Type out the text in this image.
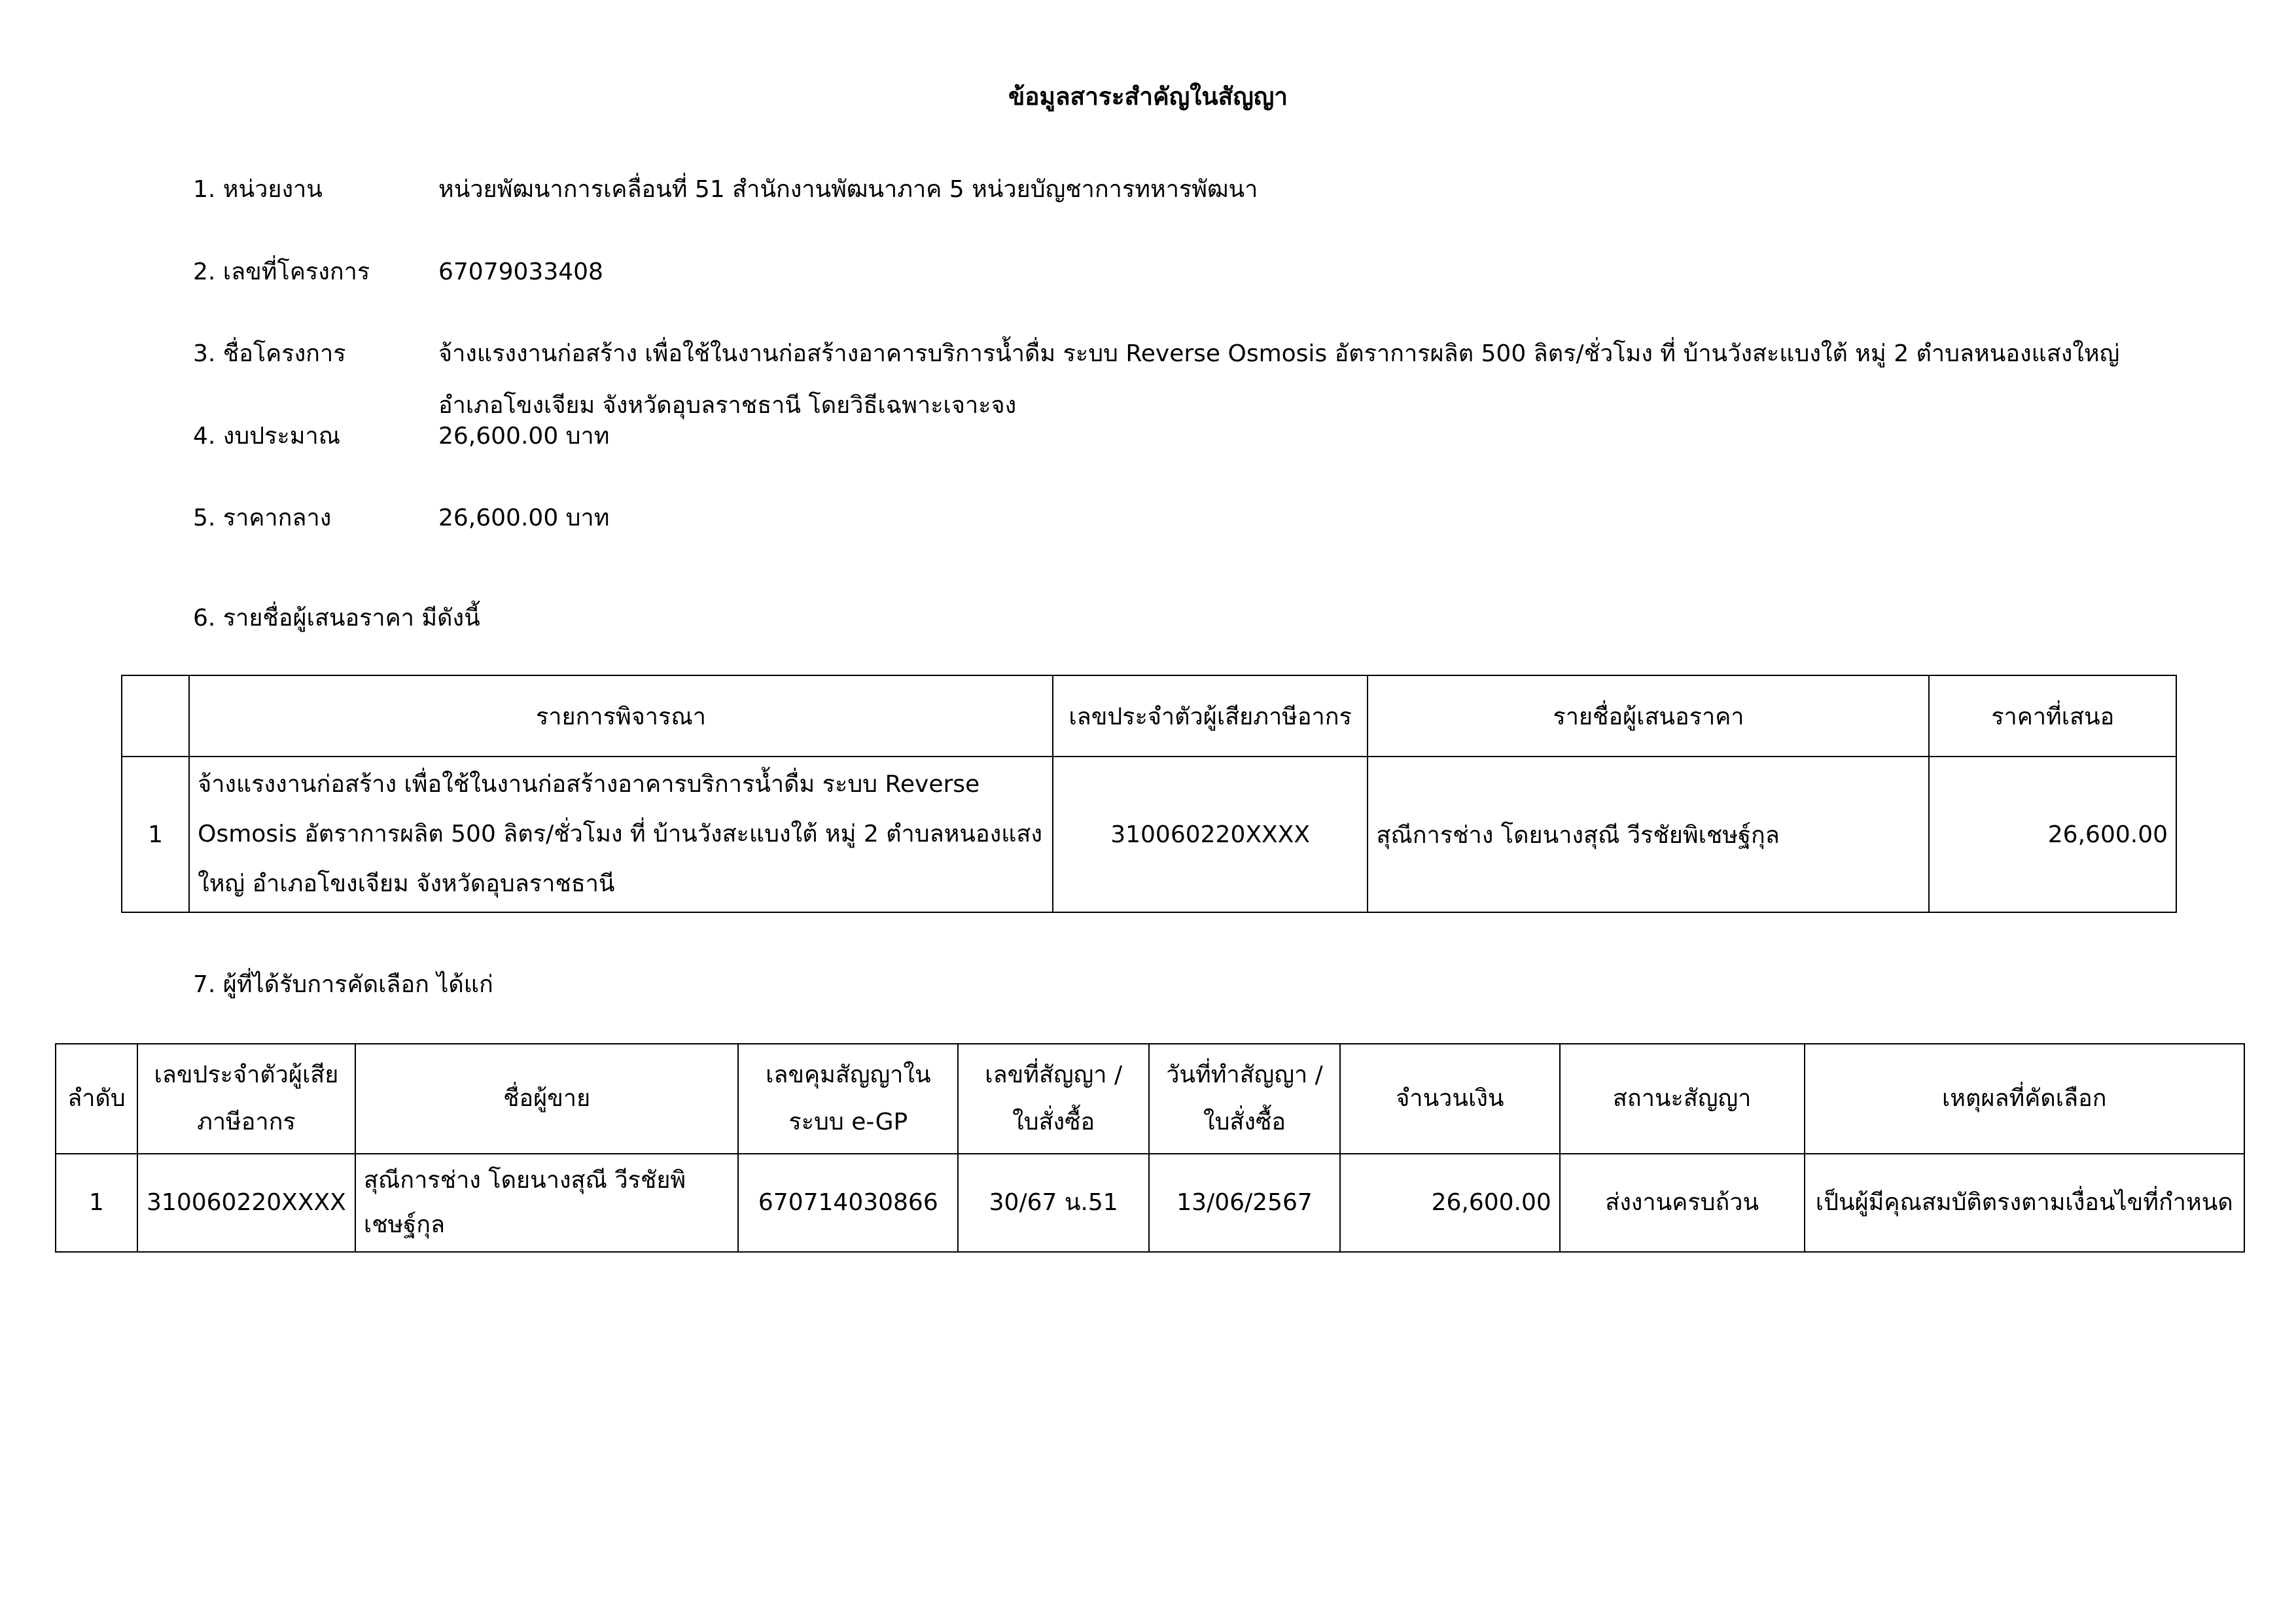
ข้อมูลสาระสำคัญในสัญญา
1. หน่วยงาน	หน่วยพัฒนาการเคลื่อนที่ 51 สำนักงานพัฒนาภาค 5 หน่วยบัญชาการทหารพัฒนา
2. เลขที่โครงการ	67079033408
3. ชื่อโครงการ	จ้างแรงงานก่อสร้าง เพื่อใช้ในงานก่อสร้างอาคารบริการน้ำดื่ม ระบบ Reverse Osmosis อัตราการผลิต 500 ลิตร/ชั่วโมง ที่ บ้านวังสะแบงใต้ หมู่ 2 ตำบลหนองแสงใหญ่
อำเภอโขงเจียม จังหวัดอุบลราชธานี โดยวิธีเฉพาะเจาะจง
4. งบประมาณ	26,600.00 บาท
5. ราคากลาง	26,600.00 บาท
6. รายชื่อผู้เสนอราคา มีดังนี้
	รายการพิจารณา	เลขประจำตัวผู้เสียภาษีอากร	รายชื่อผู้เสนอราคา	ราคาที่เสนอ
1	จ้างแรงงานก่อสร้าง เพื่อใช้ในงานก่อสร้างอาคารบริการน้ำดื่ม ระบบ Reverse Osmosis อัตราการผลิต 500 ลิตร/ชั่วโมง ที่ บ้านวังสะแบงใต้ หมู่ 2 ตำบลหนองแสงใหญ่ อำเภอโขงเจียม จังหวัดอุบลราชธานี	310060220XXXX	สุณีการช่าง โดยนางสุณี วีรชัยพิเชษฐ์กุล	26,600.00
7. ผู้ที่ได้รับการคัดเลือก ได้แก่
ลำดับ	เลขประจำตัวผู้เสียภาษีอากร	ชื่อผู้ขาย	เลขคุมสัญญาในระบบ e-GP	เลขที่สัญญา / ใบสั่งซื้อ	วันที่ทำสัญญา / ใบสั่งซื้อ	จำนวนเงิน	สถานะสัญญา	เหตุผลที่คัดเลือก
1	310060220XXXX	สุณีการช่าง โดยนางสุณี วีรชัยพิเชษฐ์กุล	670714030866	30/67 น.51	13/06/2567	26,600.00	ส่งงานครบถ้วน	เป็นผู้มีคุณสมบัติตรงตามเงื่อนไขที่กำหนด
